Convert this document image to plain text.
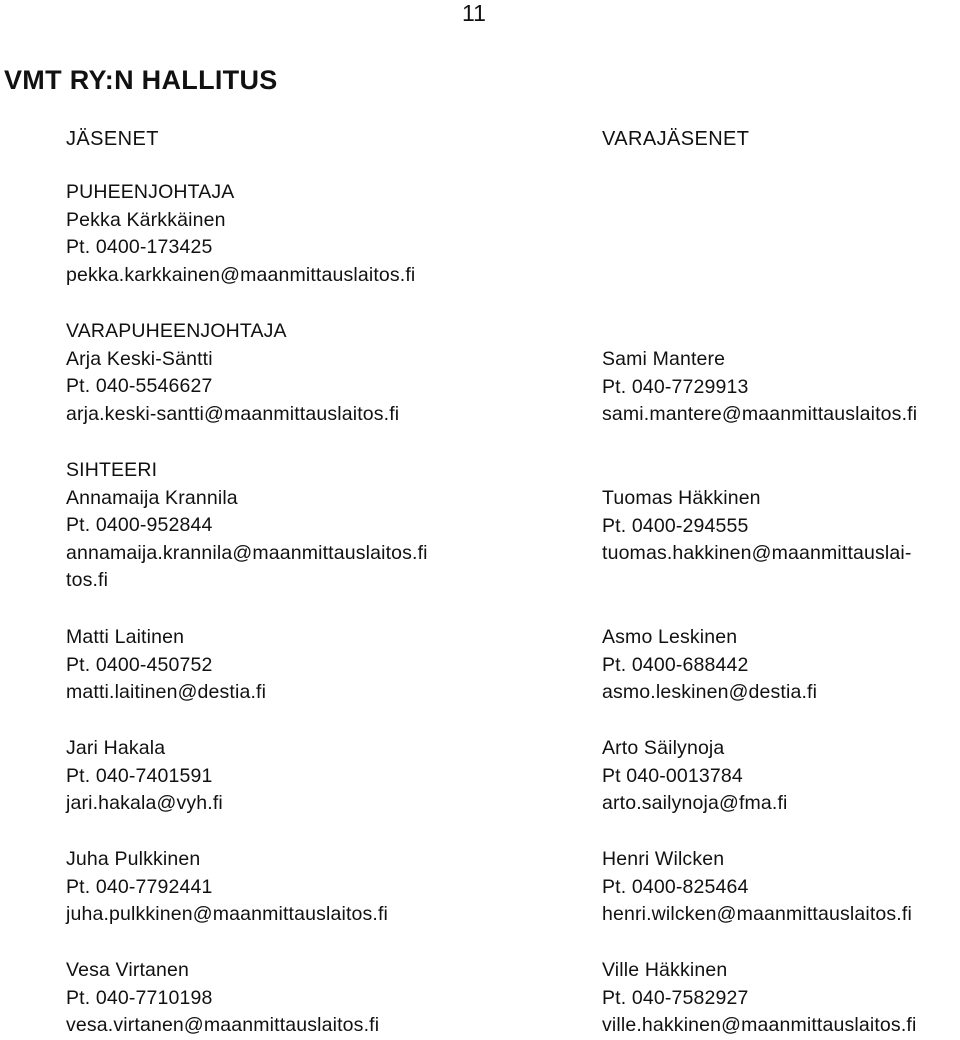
11
VMT RY:N HALLITUS
JÄSENET	VARAJÄSENET
PUHEENJOHTAJA
Pekka Kärkkäinen
Pt. 0400-173425
pekka.karkkainen@maanmittauslaitos.fi
VARAPUHEENJOHTAJA
Arja Keski-Säntti
Pt. 040-5546627
arja.keski-santti@maanmittauslaitos.fi
SIHTEERI
Annamaija Krannila
Pt. 0400-952844
annamaija.krannila@maanmittauslaitos.fi
tos.fi
Matti Laitinen
Pt. 0400-450752
matti.laitinen@destia.fi
Jari Hakala
Pt. 040-7401591
jari.hakala@vyh.fi
Juha Pulkkinen
Pt. 040-7792441
juha.pulkkinen@maanmittauslaitos.fi
Vesa Virtanen
Pt. 040-7710198
vesa.virtanen@maanmittauslaitos.fi
Sami Mantere
Pt. 040-7729913
sami.mantere@maanmittauslaitos.fi
Tuomas Häkkinen
Pt. 0400-294555
tuomas.hakkinen@maanmittauslai-
Asmo Leskinen
Pt. 0400-688442
asmo.leskinen@destia.fi
Arto Säilynoja
Pt 040-0013784
arto.sailynoja@fma.fi
Henri Wilcken
Pt. 0400-825464
henri.wilcken@maanmittauslaitos.fi
Ville Häkkinen
Pt. 040-7582927
ville.hakkinen@maanmittauslaitos.fi
